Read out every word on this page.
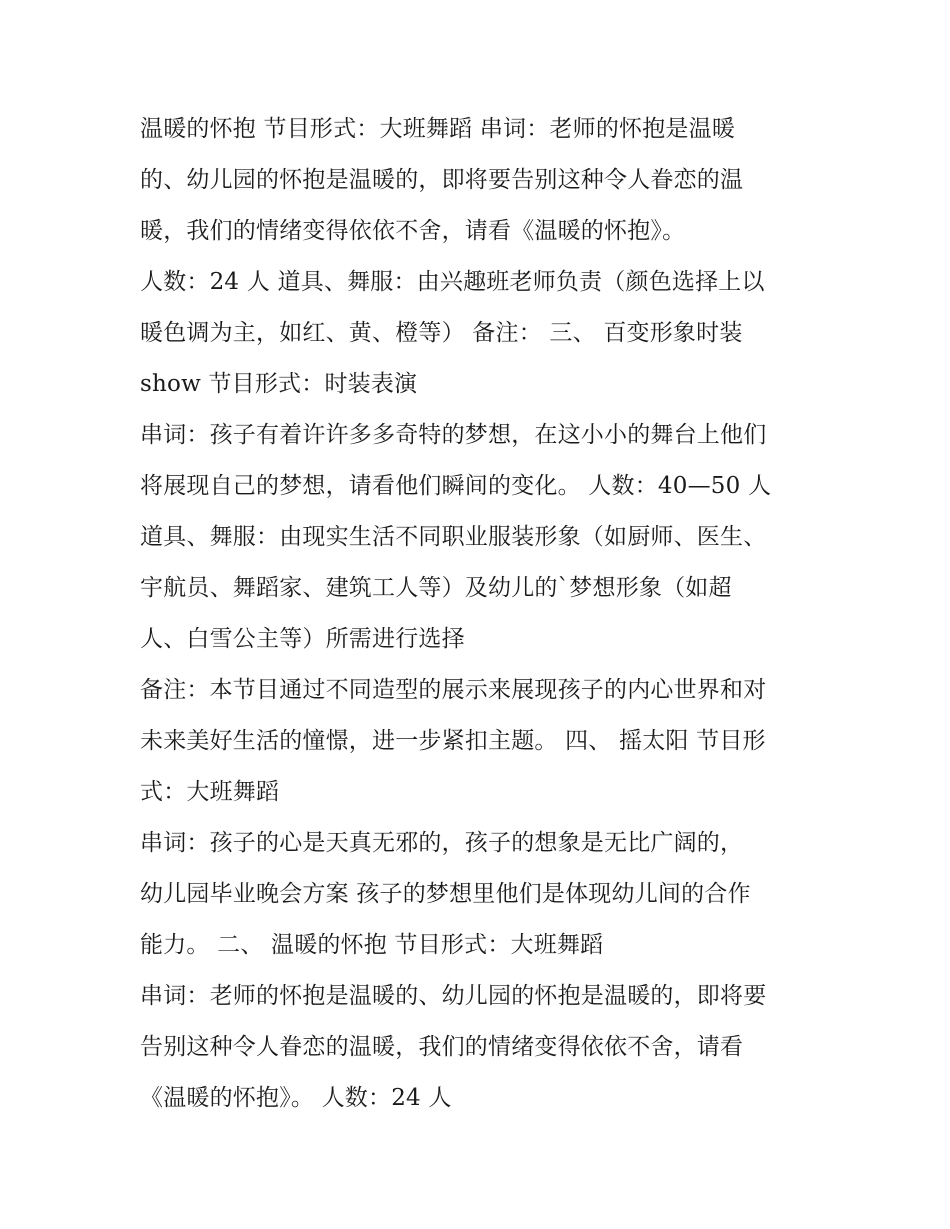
温暖的怀抱 节目形式：大班舞蹈 串词：老师的怀抱是温暖
的、幼儿园的怀抱是温暖的，即将要告别这种令人眷恋的温
暖，我们的情绪变得依依不舍，请看《温暖的怀抱》。
人数：24 人 道具、舞服：由兴趣班老师负责（颜色选择上以
暖色调为主，如红、黄、橙等） 备注： 三、 百变形象时装
show 节目形式：时装表演
串词：孩子有着许许多多奇特的梦想，在这小小的舞台上他们
将展现自己的梦想，请看他们瞬间的变化。 人数：40—50 人
道具、舞服：由现实生活不同职业服装形象（如厨师、医生、
宇航员、舞蹈家、建筑工人等）及幼儿的`梦想形象（如超
人、白雪公主等）所需进行选择
备注：本节目通过不同造型的展示来展现孩子的内心世界和对
未来美好生活的憧憬，进一步紧扣主题。 四、 摇太阳 节目形
式：大班舞蹈
串词：孩子的心是天真无邪的，孩子的想象是无比广阔的，
幼儿园毕业晚会方案 孩子的梦想里他们是体现幼儿间的合作
能力。 二、 温暖的怀抱 节目形式：大班舞蹈
串词：老师的怀抱是温暖的、幼儿园的怀抱是温暖的，即将要
告别这种令人眷恋的温暖，我们的情绪变得依依不舍，请看
《温暖的怀抱》。 人数：24 人
